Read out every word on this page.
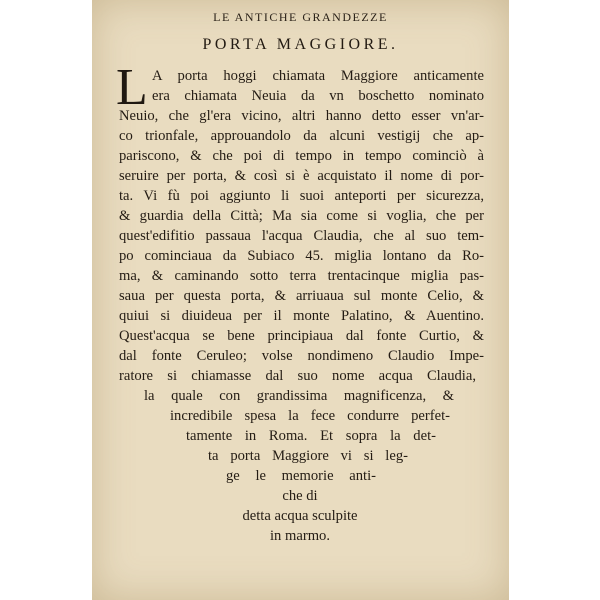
LE ANTICHE GRANDEZZE
PORTA MAGGIORE.
L A porta hoggi chiamata Maggiore anticamente
era chiamata Neuia da vn boschetto nominato
Neuio, che gl'era vicino, altri hanno detto esser vn'ar-
co trionfale, approuandolo da alcuni vestigij che ap-
pariscono, & che poi di tempo in tempo cominciò à
seruire per porta, & così si è acquistato il nome di por-
ta. Vi fù poi aggiunto li suoi anteporti per sicurezza,
& guardia della Città; Ma sia come si voglia, che per
quest'edifitio passaua l'acqua Claudia, che al suo tem-
po cominciaua da Subiaco 45. miglia lontano da Ro-
ma, & caminando sotto terra trentacinque miglia pas-
saua per questa porta, & arriuaua sul monte Celio, &
quiui si diuideua per il monte Palatino, & Auentino.
Quest'acqua se bene principiaua dal fonte Curtio, &
dal fonte Ceruleo; volse nondimeno Claudio Impe-
ratore si chiamasse dal suo nome acqua Claudia,
la quale con grandissima magnificenza, &
incredibile spesa la fece condurre perfet-
tamente in Roma. Et sopra la det-
ta porta Maggiore vi si leg-
ge le memorie anti-
che di
detta acqua sculpite
in marmo.
